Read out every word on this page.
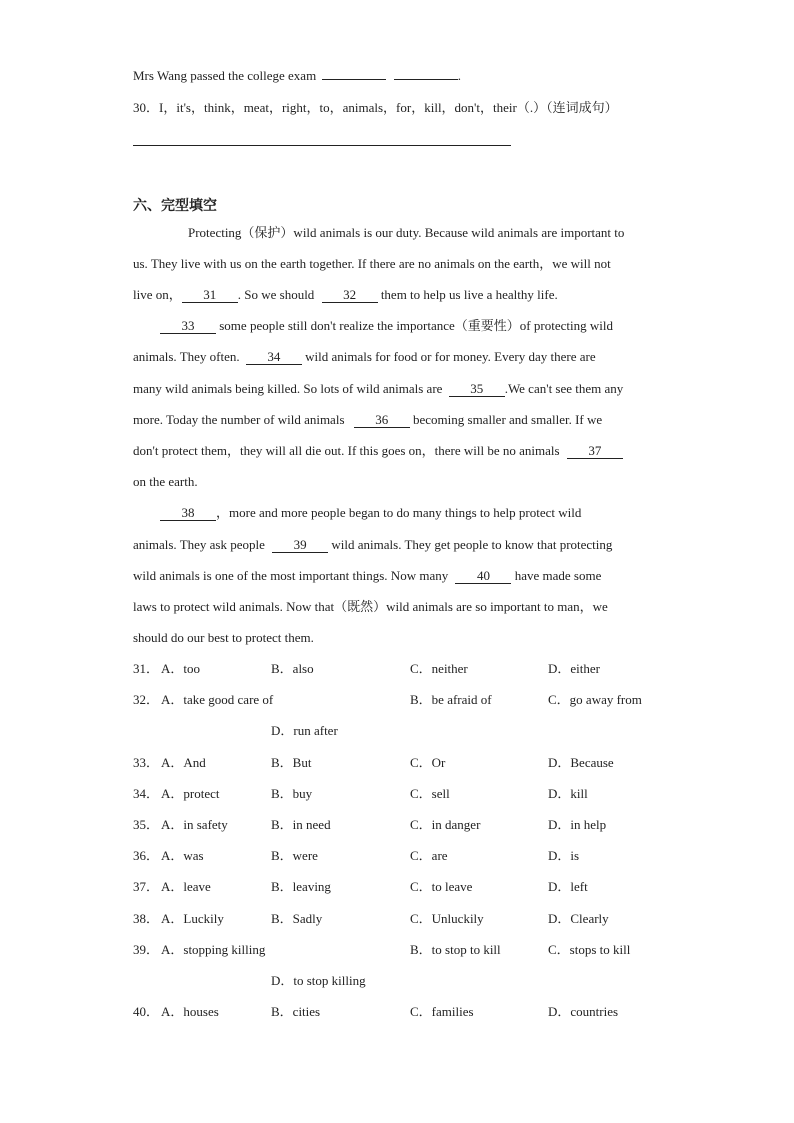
Mrs Wang passed the college exam	.
30．I，it's，think，meat，right，to，animals，for，kill，don't，their（.）（连词成句）
六、完型填空
Protecting（保护）wild animals is our duty. Because wild animals are important to
us. They live with us on the earth together. If there are no animals on the earth，we will not
live on， 31 . So we should 32 them to help us live a healthy life.
33 some people still don't realize the importance（重要性）of protecting wild
animals. They often. 34 wild animals for food or for money. Every day there are
many wild animals being killed. So lots of wild animals are 35 .We can't see them any
more. Today the number of wild animals 36 becoming smaller and smaller. If we
don't protect them，they will all die out. If this goes on，there will be no animals 37
on the earth.
38 ，more and more people began to do many things to help protect wild
animals. They ask people 39 wild animals. They get people to know that protecting
wild animals is one of the most important things. Now many 40 have made some
laws to protect wild animals. Now that（既然）wild animals are so important to man，we
should do our best to protect them.
31． A．too	B．also	C．neither	D．either
32． A．take good care of	B．be afraid of	C．go away from
D．run after
33． A．And	B．But	C．Or	D．Because
34． A．protect	B．buy	C．sell	D．kill
35． A．in safety	B．in need	C．in danger	D．in help
36． A．was	B．were	C．are	D．is
37． A．leave	B．leaving	C．to leave	D．left
38． A．Luckily	B．Sadly	C．Unluckily	D．Clearly
39． A．stopping killing	B．to stop to kill	C．stops to kill
D．to stop killing
40． A．houses	B．cities	C．families	D．countries
